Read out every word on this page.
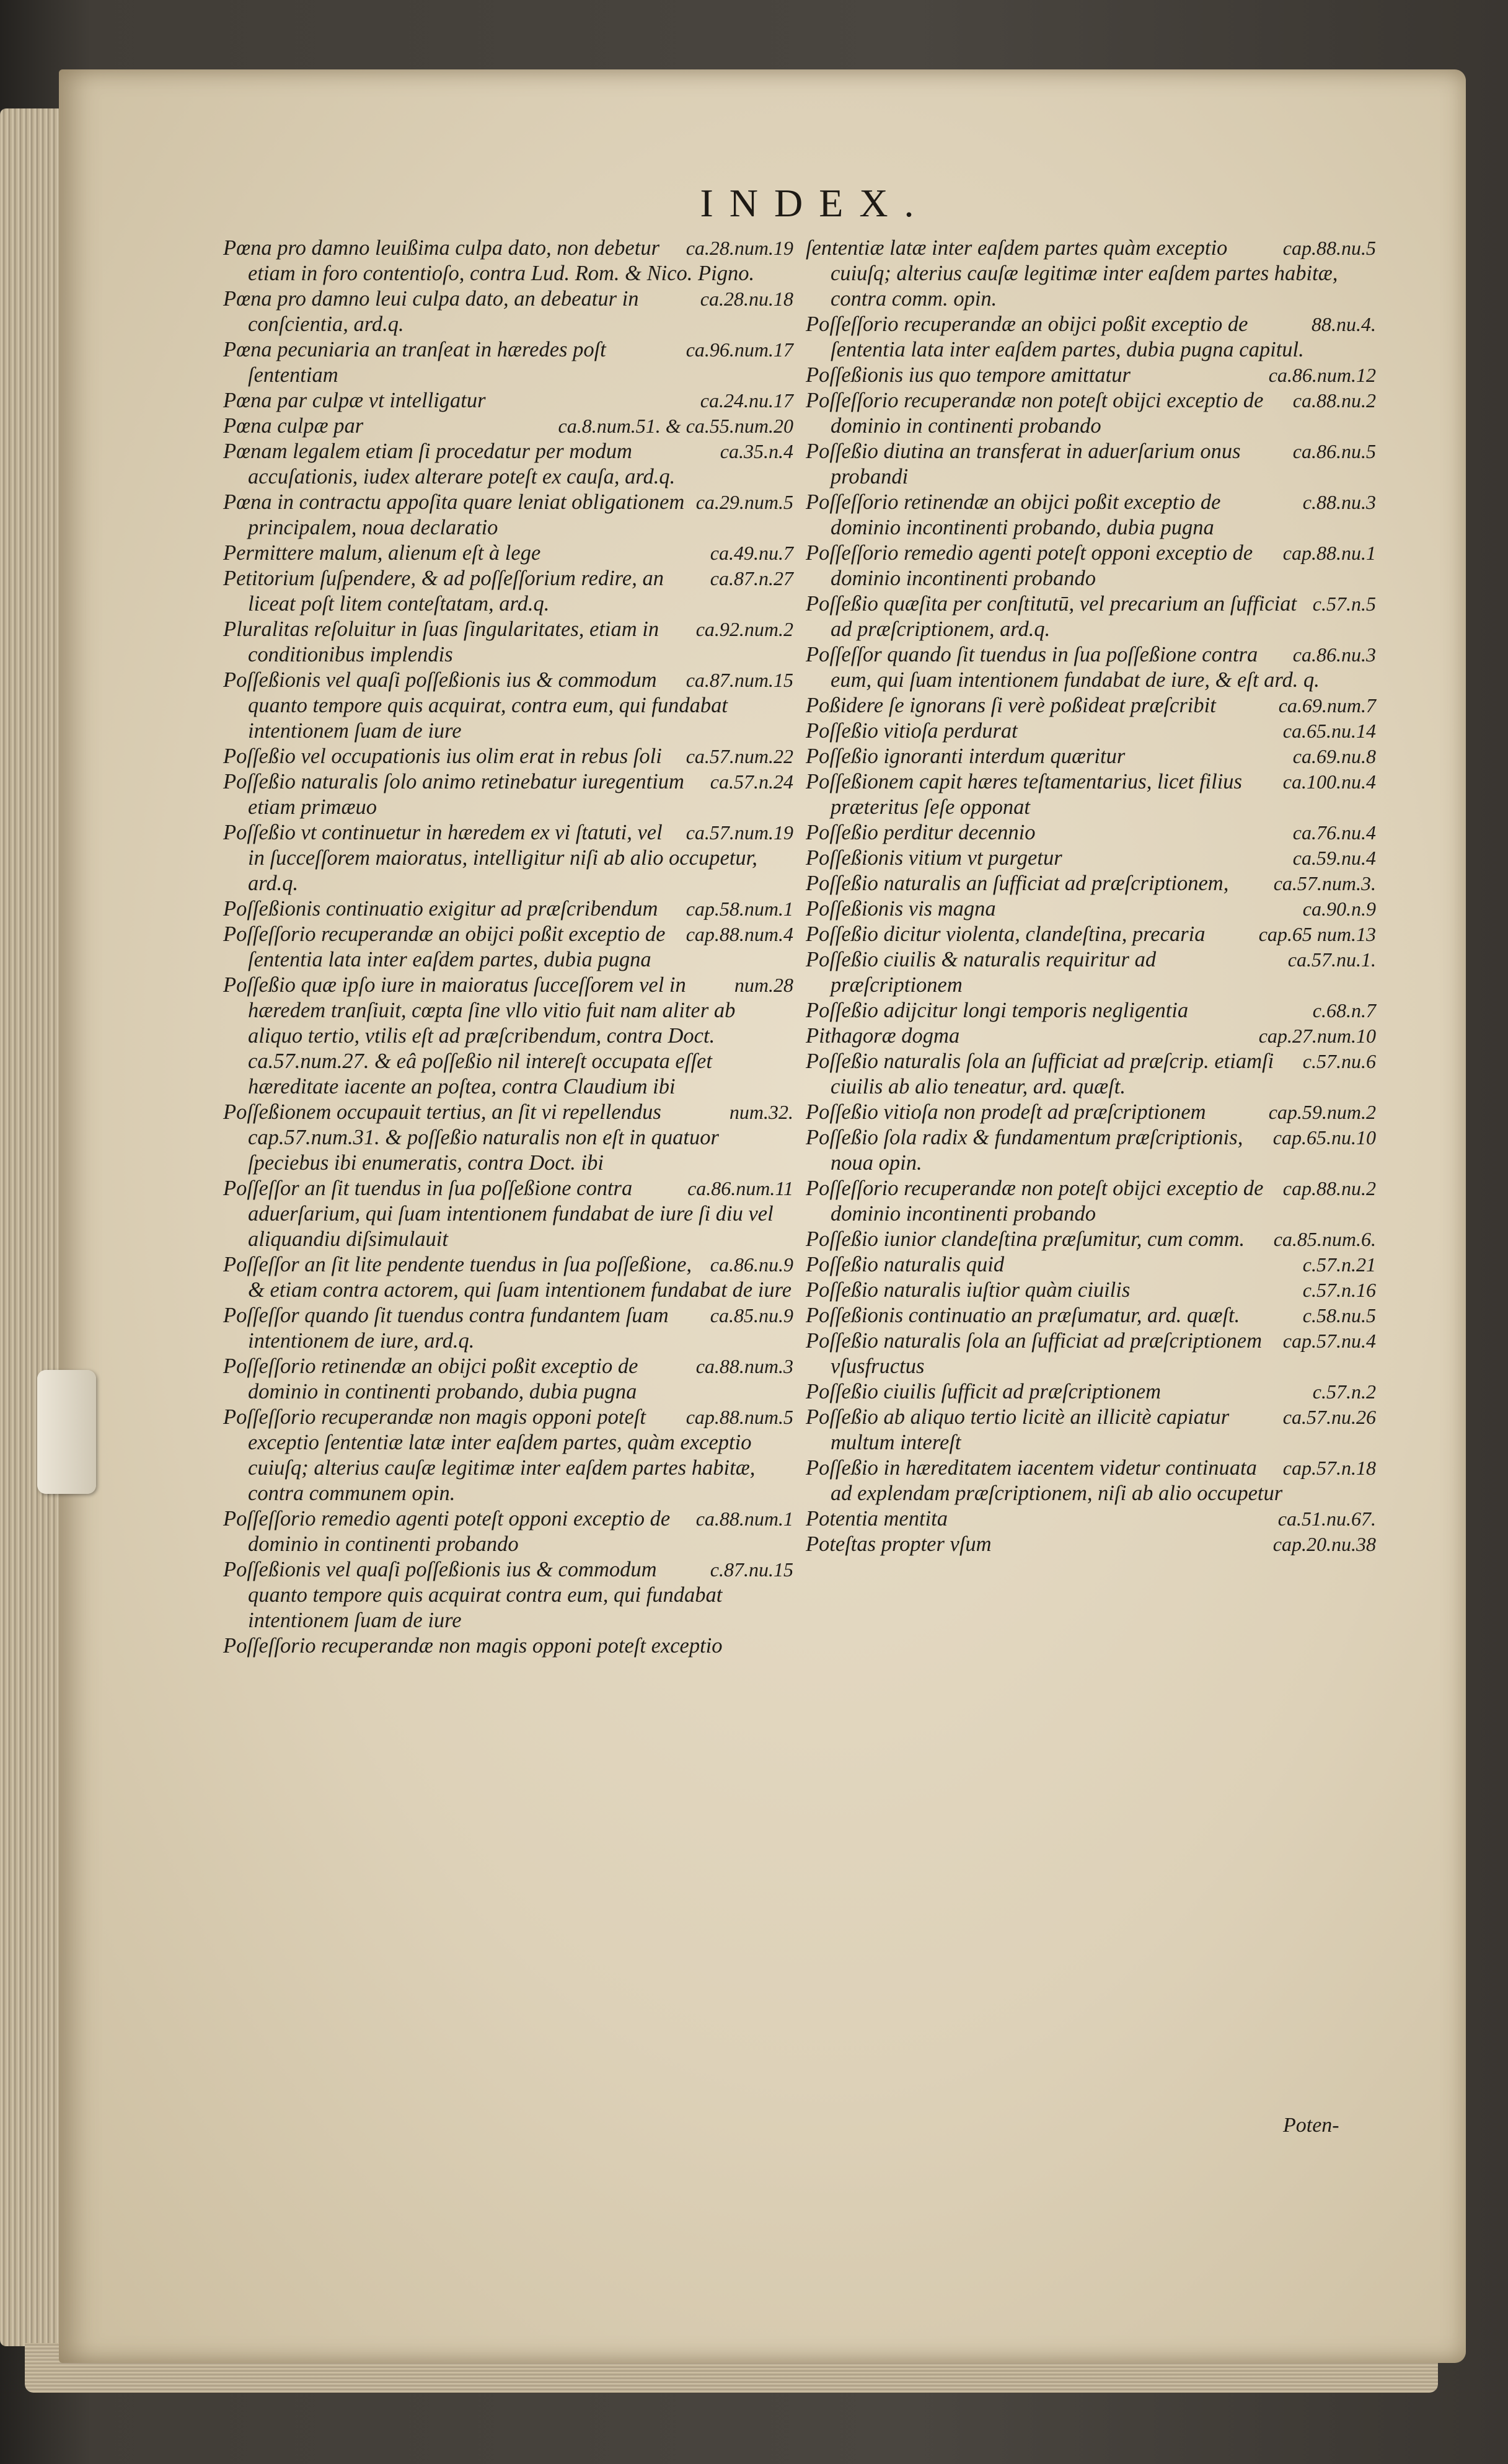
INDEX.
ca.28.num.19
Pœna pro damno leuißima culpa dato, non debetur etiam in foro contentioſo, contra Lud. Rom. & Nico. Pigno.
ca.28.nu.18
Pœna pro damno leui culpa dato, an debeatur in conſcientia, ard.q.
ca.96.num.17
Pœna pecuniaria an tranſeat in hæredes poſt ſententiam
ca.24.nu.17
Pœna par culpæ vt intelligatur
ca.8.num.51. & ca.55.num.20
Pœna culpæ par
ca.35.n.4
Pœnam legalem etiam ſi procedatur per modum accuſationis, iudex alterare poteſt ex cauſa, ard.q.
ca.29.num.5
Pœna in contractu appoſita quare leniat obligationem principalem, noua declaratio
ca.49.nu.7
Permittere malum, alienum eſt à lege
ca.87.n.27
Petitorium ſuſpendere, & ad poſſeſſorium redire, an liceat poſt litem conteſtatam, ard.q.
ca.92.num.2
Pluralitas reſoluitur in ſuas ſingularitates, etiam in conditionibus implendis
ca.87.num.15
Poſſeßionis vel quaſi poſſeßionis ius & commodum quanto tempore quis acquirat, contra eum, qui fundabat intentionem ſuam de iure
ca.57.num.22
Poſſeßio vel occupationis ius olim erat in rebus ſoli
ca.57.n.24
Poſſeßio naturalis ſolo animo retinebatur iuregentium etiam primæuo
ca.57.num.19
Poſſeßio vt continuetur in hæredem ex vi ſtatuti, vel in ſucceſſorem maioratus, intelligitur niſi ab alio occupetur, ard.q.
cap.58.num.1
Poſſeßionis continuatio exigitur ad præſcribendum
cap.88.num.4
Poſſeſſorio recuperandæ an obijci poßit exceptio de ſententia lata inter eaſdem partes, dubia pugna
num.28
Poſſeßio quæ ipſo iure in maioratus ſucceſſorem vel in hæredem tranſiuit, cœpta ſine vllo vitio fuit nam aliter ab aliquo tertio, vtilis eſt ad præſcribendum, contra Doct. ca.57.num.27. & eâ poſſeßio nil intereſt occupata eſſet hæreditate iacente an poſtea, contra Claudium ibi
num.32.
Poſſeßionem occupauit tertius, an ſit vi repellendus cap.57.num.31. & poſſeßio naturalis non eſt in quatuor ſpeciebus ibi enumeratis, contra Doct. ibi
ca.86.num.11
Poſſeſſor an ſit tuendus in ſua poſſeßione contra aduerſarium, qui ſuam intentionem fundabat de iure ſi diu vel aliquandiu diſsimulauit
ca.86.nu.9
Poſſeſſor an ſit lite pendente tuendus in ſua poſſeßione, & etiam contra actorem, qui ſuam intentionem fundabat de iure
ca.85.nu.9
Poſſeſſor quando ſit tuendus contra fundantem ſuam intentionem de iure, ard.q.
ca.88.num.3
Poſſeſſorio retinendæ an obijci poßit exceptio de dominio in continenti probando, dubia pugna
cap.88.num.5
Poſſeſſorio recuperandæ non magis opponi poteſt exceptio ſententiæ latæ inter eaſdem partes, quàm exceptio cuiuſq; alterius cauſæ legitimæ inter eaſdem partes habitæ, contra communem opin.
ca.88.num.1
Poſſeſſorio remedio agenti poteſt opponi exceptio de dominio in continenti probando
c.87.nu.15
Poſſeßionis vel quaſi poſſeßionis ius & commodum quanto tempore quis acquirat contra eum, qui fundabat intentionem ſuam de iure
Poſſeſſorio recuperandæ non magis opponi poteſt exceptio
cap.88.nu.5
ſententiæ latæ inter eaſdem partes quàm exceptio cuiuſq; alterius cauſæ legitimæ inter eaſdem partes habitæ, contra comm. opin.
88.nu.4.
Poſſeſſorio recuperandæ an obijci poßit exceptio de ſententia lata inter eaſdem partes, dubia pugna capitul.
ca.86.num.12
Poſſeßionis ius quo tempore amittatur
ca.88.nu.2
Poſſeſſorio recuperandæ non poteſt obijci exceptio de dominio in continenti probando
ca.86.nu.5
Poſſeßio diutina an transferat in aduerſarium onus probandi
c.88.nu.3
Poſſeſſorio retinendæ an obijci poßit exceptio de dominio incontinenti probando, dubia pugna
cap.88.nu.1
Poſſeſſorio remedio agenti poteſt opponi exceptio de dominio incontinenti probando
c.57.n.5
Poſſeßio quæſita per conſtitutū, vel precarium an ſufficiat ad præſcriptionem, ard.q.
ca.86.nu.3
Poſſeſſor quando ſit tuendus in ſua poſſeßione contra eum, qui ſuam intentionem fundabat de iure, & eſt ard. q.
ca.69.num.7
Poßidere ſe ignorans ſi verè poßideat præſcribit
ca.65.nu.14
Poſſeßio vitioſa perdurat
ca.69.nu.8
Poſſeßio ignoranti interdum quæritur
ca.100.nu.4
Poſſeßionem capit hæres teſtamentarius, licet filius præteritus ſeſe opponat
ca.76.nu.4
Poſſeßio perditur decennio
ca.59.nu.4
Poſſeßionis vitium vt purgetur
ca.57.num.3.
Poſſeßio naturalis an ſufficiat ad præſcriptionem,
ca.90.n.9
Poſſeßionis vis magna
cap.65 num.13
Poſſeßio dicitur violenta, clandeſtina, precaria
ca.57.nu.1.
Poſſeßio ciuilis & naturalis requiritur ad præſcriptionem
c.68.n.7
Poſſeßio adijcitur longi temporis negligentia
cap.27.num.10
Pithagoræ dogma
c.57.nu.6
Poſſeßio naturalis ſola an ſufficiat ad præſcrip. etiamſi ciuilis ab alio teneatur, ard. quæſt.
cap.59.num.2
Poſſeßio vitioſa non prodeſt ad præſcriptionem
cap.65.nu.10
Poſſeßio ſola radix & fundamentum præſcriptionis, noua opin.
cap.88.nu.2
Poſſeſſorio recuperandæ non poteſt obijci exceptio de dominio incontinenti probando
ca.85.num.6.
Poſſeßio iunior clandeſtina præſumitur, cum comm.
c.57.n.21
Poſſeßio naturalis quid
c.57.n.16
Poſſeßio naturalis iuſtior quàm ciuilis
c.58.nu.5
Poſſeßionis continuatio an præſumatur, ard. quæſt.
cap.57.nu.4
Poſſeßio naturalis ſola an ſufficiat ad præſcriptionem vſusfructus
c.57.n.2
Poſſeßio ciuilis ſufficit ad præſcriptionem
ca.57.nu.26
Poſſeßio ab aliquo tertio licitè an illicitè capiatur multum intereſt
cap.57.n.18
Poſſeßio in hæreditatem iacentem videtur continuata ad explendam præſcriptionem, niſi ab alio occupetur
ca.51.nu.67.
Potentia mentita
cap.20.nu.38
Poteſtas propter vſum
Poten-
